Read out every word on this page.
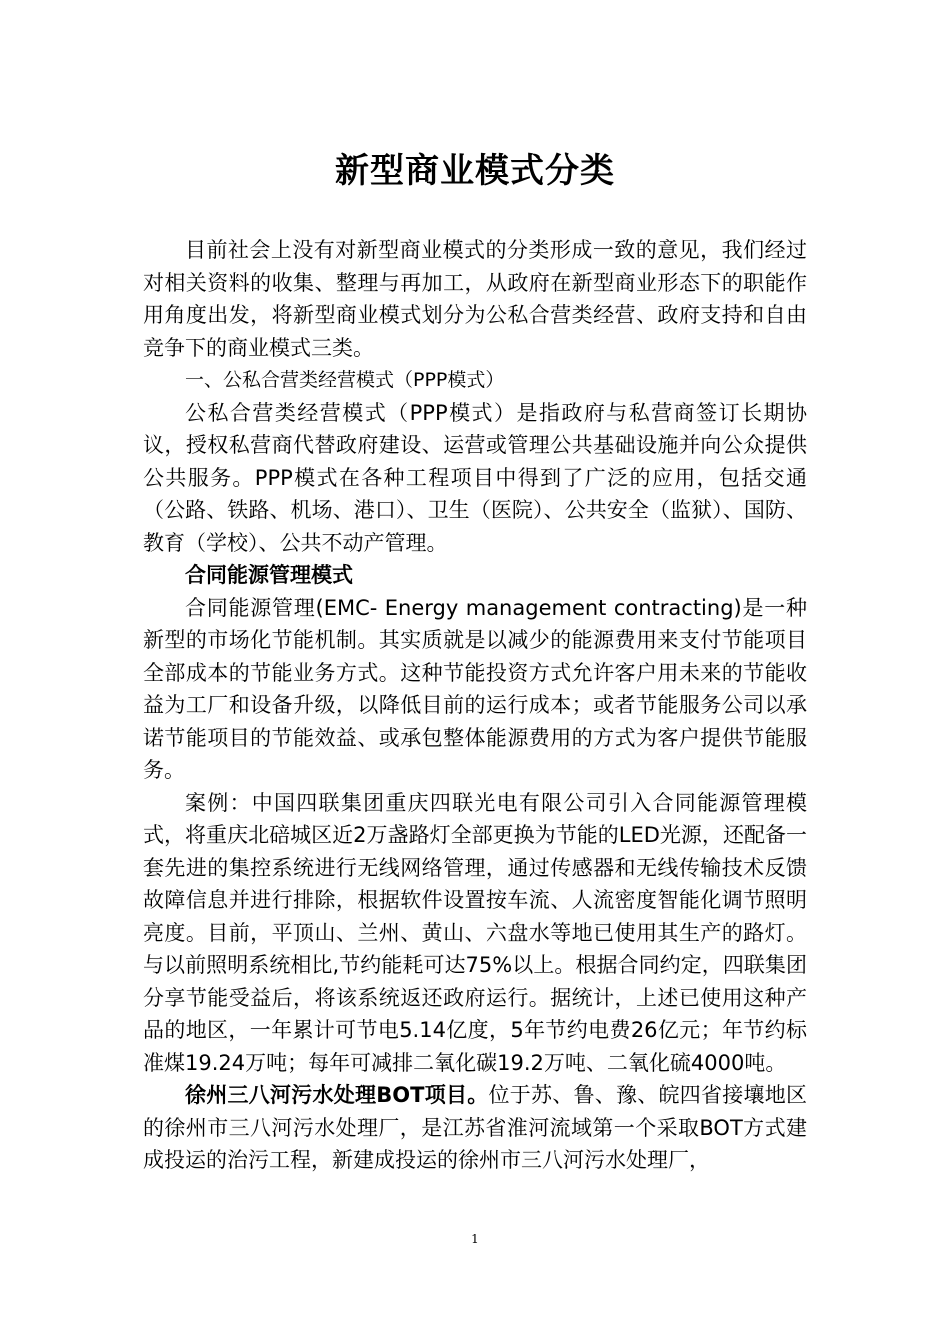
新型商业模式分类

目前社会上没有对新型商业模式的分类形成一致的意见，我们经过对相关资料的收集、整理与再加工，从政府在新型商业形态下的职能作用角度出发，将新型商业模式划分为公私合营类经营、政府支持和自由竞争下的商业模式三类。

一、公私合营类经营模式（PPP模式）

公私合营类经营模式（PPP模式）是指政府与私营商签订长期协议，授权私营商代替政府建设、运营或管理公共基础设施并向公众提供公共服务。PPP模式在各种工程项目中得到了广泛的应用，包括交通（公路、铁路、机场、港口）、卫生（医院）、公共安全（监狱）、国防、教育（学校）、公共不动产管理。

合同能源管理模式

合同能源管理(EMC- Energy management contracting)是一种新型的市场化节能机制。其实质就是以减少的能源费用来支付节能项目全部成本的节能业务方式。这种节能投资方式允许客户用未来的节能收益为工厂和设备升级，以降低目前的运行成本；或者节能服务公司以承诺节能项目的节能效益、或承包整体能源费用的方式为客户提供节能服务。

案例：中国四联集团重庆四联光电有限公司引入合同能源管理模式，将重庆北碚城区近2万盏路灯全部更换为节能的LED光源，还配备一套先进的集控系统进行无线网络管理，通过传感器和无线传输技术反馈故障信息并进行排除，根据软件设置按车流、人流密度智能化调节照明亮度。目前，平顶山、兰州、黄山、六盘水等地已使用其生产的路灯。与以前照明系统相比,节约能耗可达75%以上。根据合同约定，四联集团分享节能受益后，将该系统返还政府运行。据统计，上述已使用这种产品的地区，一年累计可节电5.14亿度，5年节约电费26亿元；年节约标准煤19.24万吨；每年可减排二氧化碳19.2万吨、二氧化硫4000吨。

徐州三八河污水处理BOT项目。位于苏、鲁、豫、皖四省接壤地区的徐州市三八河污水处理厂，是江苏省淮河流域第一个采取BOT方式建成投运的治污工程，新建成投运的徐州市三八河污水处理厂，

1
